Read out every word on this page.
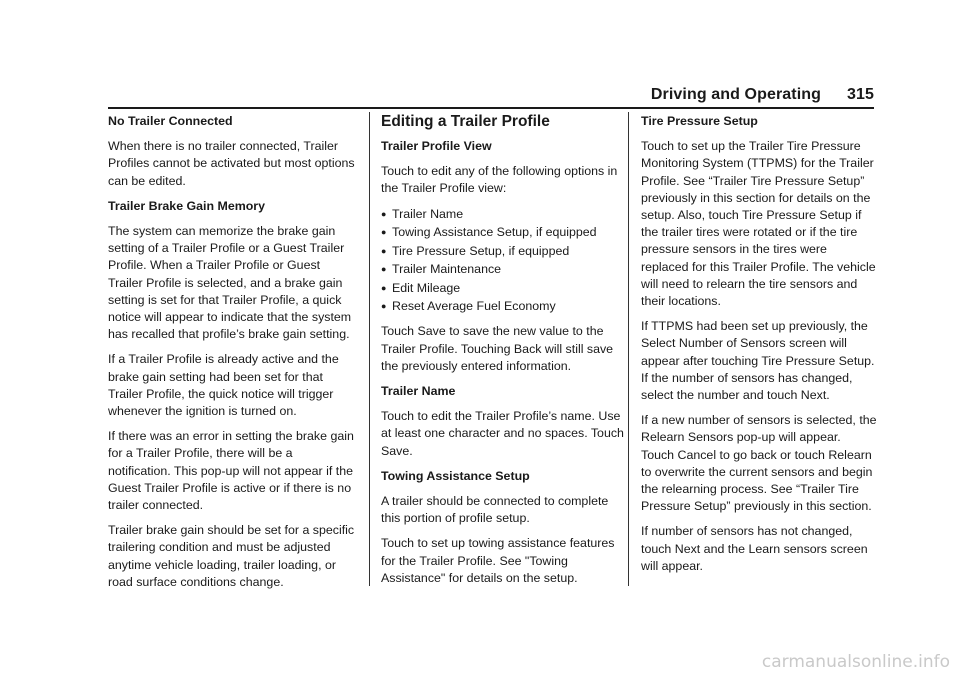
Driving and Operating 315
No Trailer Connected

When there is no trailer connected, Trailer Profiles cannot be activated but most options can be edited.

Trailer Brake Gain Memory

The system can memorize the brake gain setting of a Trailer Profile or a Guest Trailer Profile. When a Trailer Profile or Guest Trailer Profile is selected, and a brake gain setting is set for that Trailer Profile, a quick notice will appear to indicate that the system has recalled that profile’s brake gain setting.

If a Trailer Profile is already active and the brake gain setting had been set for that Trailer Profile, the quick notice will trigger whenever the ignition is turned on.

If there was an error in setting the brake gain for a Trailer Profile, there will be a notification. This pop-up will not appear if the Guest Trailer Profile is active or if there is no trailer connected.

Trailer brake gain should be set for a specific trailering condition and must be adjusted anytime vehicle loading, trailer loading, or road surface conditions change.

Editing a Trailer Profile
Trailer Profile View

Touch to edit any of the following options in the Trailer Profile view:

● Trailer Name
● Towing Assistance Setup, if equipped
● Tire Pressure Setup, if equipped
● Trailer Maintenance
● Edit Mileage
● Reset Average Fuel Economy

Touch Save to save the new value to the Trailer Profile. Touching Back will still save the previously entered information.

Trailer Name

Touch to edit the Trailer Profile’s name. Use at least one character and no spaces. Touch Save.

Towing Assistance Setup

A trailer should be connected to complete this portion of profile setup.

Touch to set up towing assistance features for the Trailer Profile. See "Towing Assistance" for details on the setup.

Tire Pressure Setup

Touch to set up the Trailer Tire Pressure Monitoring System (TTPMS) for the Trailer Profile. See “Trailer Tire Pressure Setup” previously in this section for details on the setup. Also, touch Tire Pressure Setup if the trailer tires were rotated or if the tire pressure sensors in the tires were replaced for this Trailer Profile. The vehicle will need to relearn the tire sensors and their locations.

If TTPMS had been set up previously, the Select Number of Sensors screen will appear after touching Tire Pressure Setup. If the number of sensors has changed, select the number and touch Next.

If a new number of sensors is selected, the Relearn Sensors pop-up will appear. Touch Cancel to go back or touch Relearn to overwrite the current sensors and begin the relearning process. See “Trailer Tire Pressure Setup” previously in this section.

If number of sensors has not changed, touch Next and the Learn sensors screen will appear.

carmanualsonline.info
